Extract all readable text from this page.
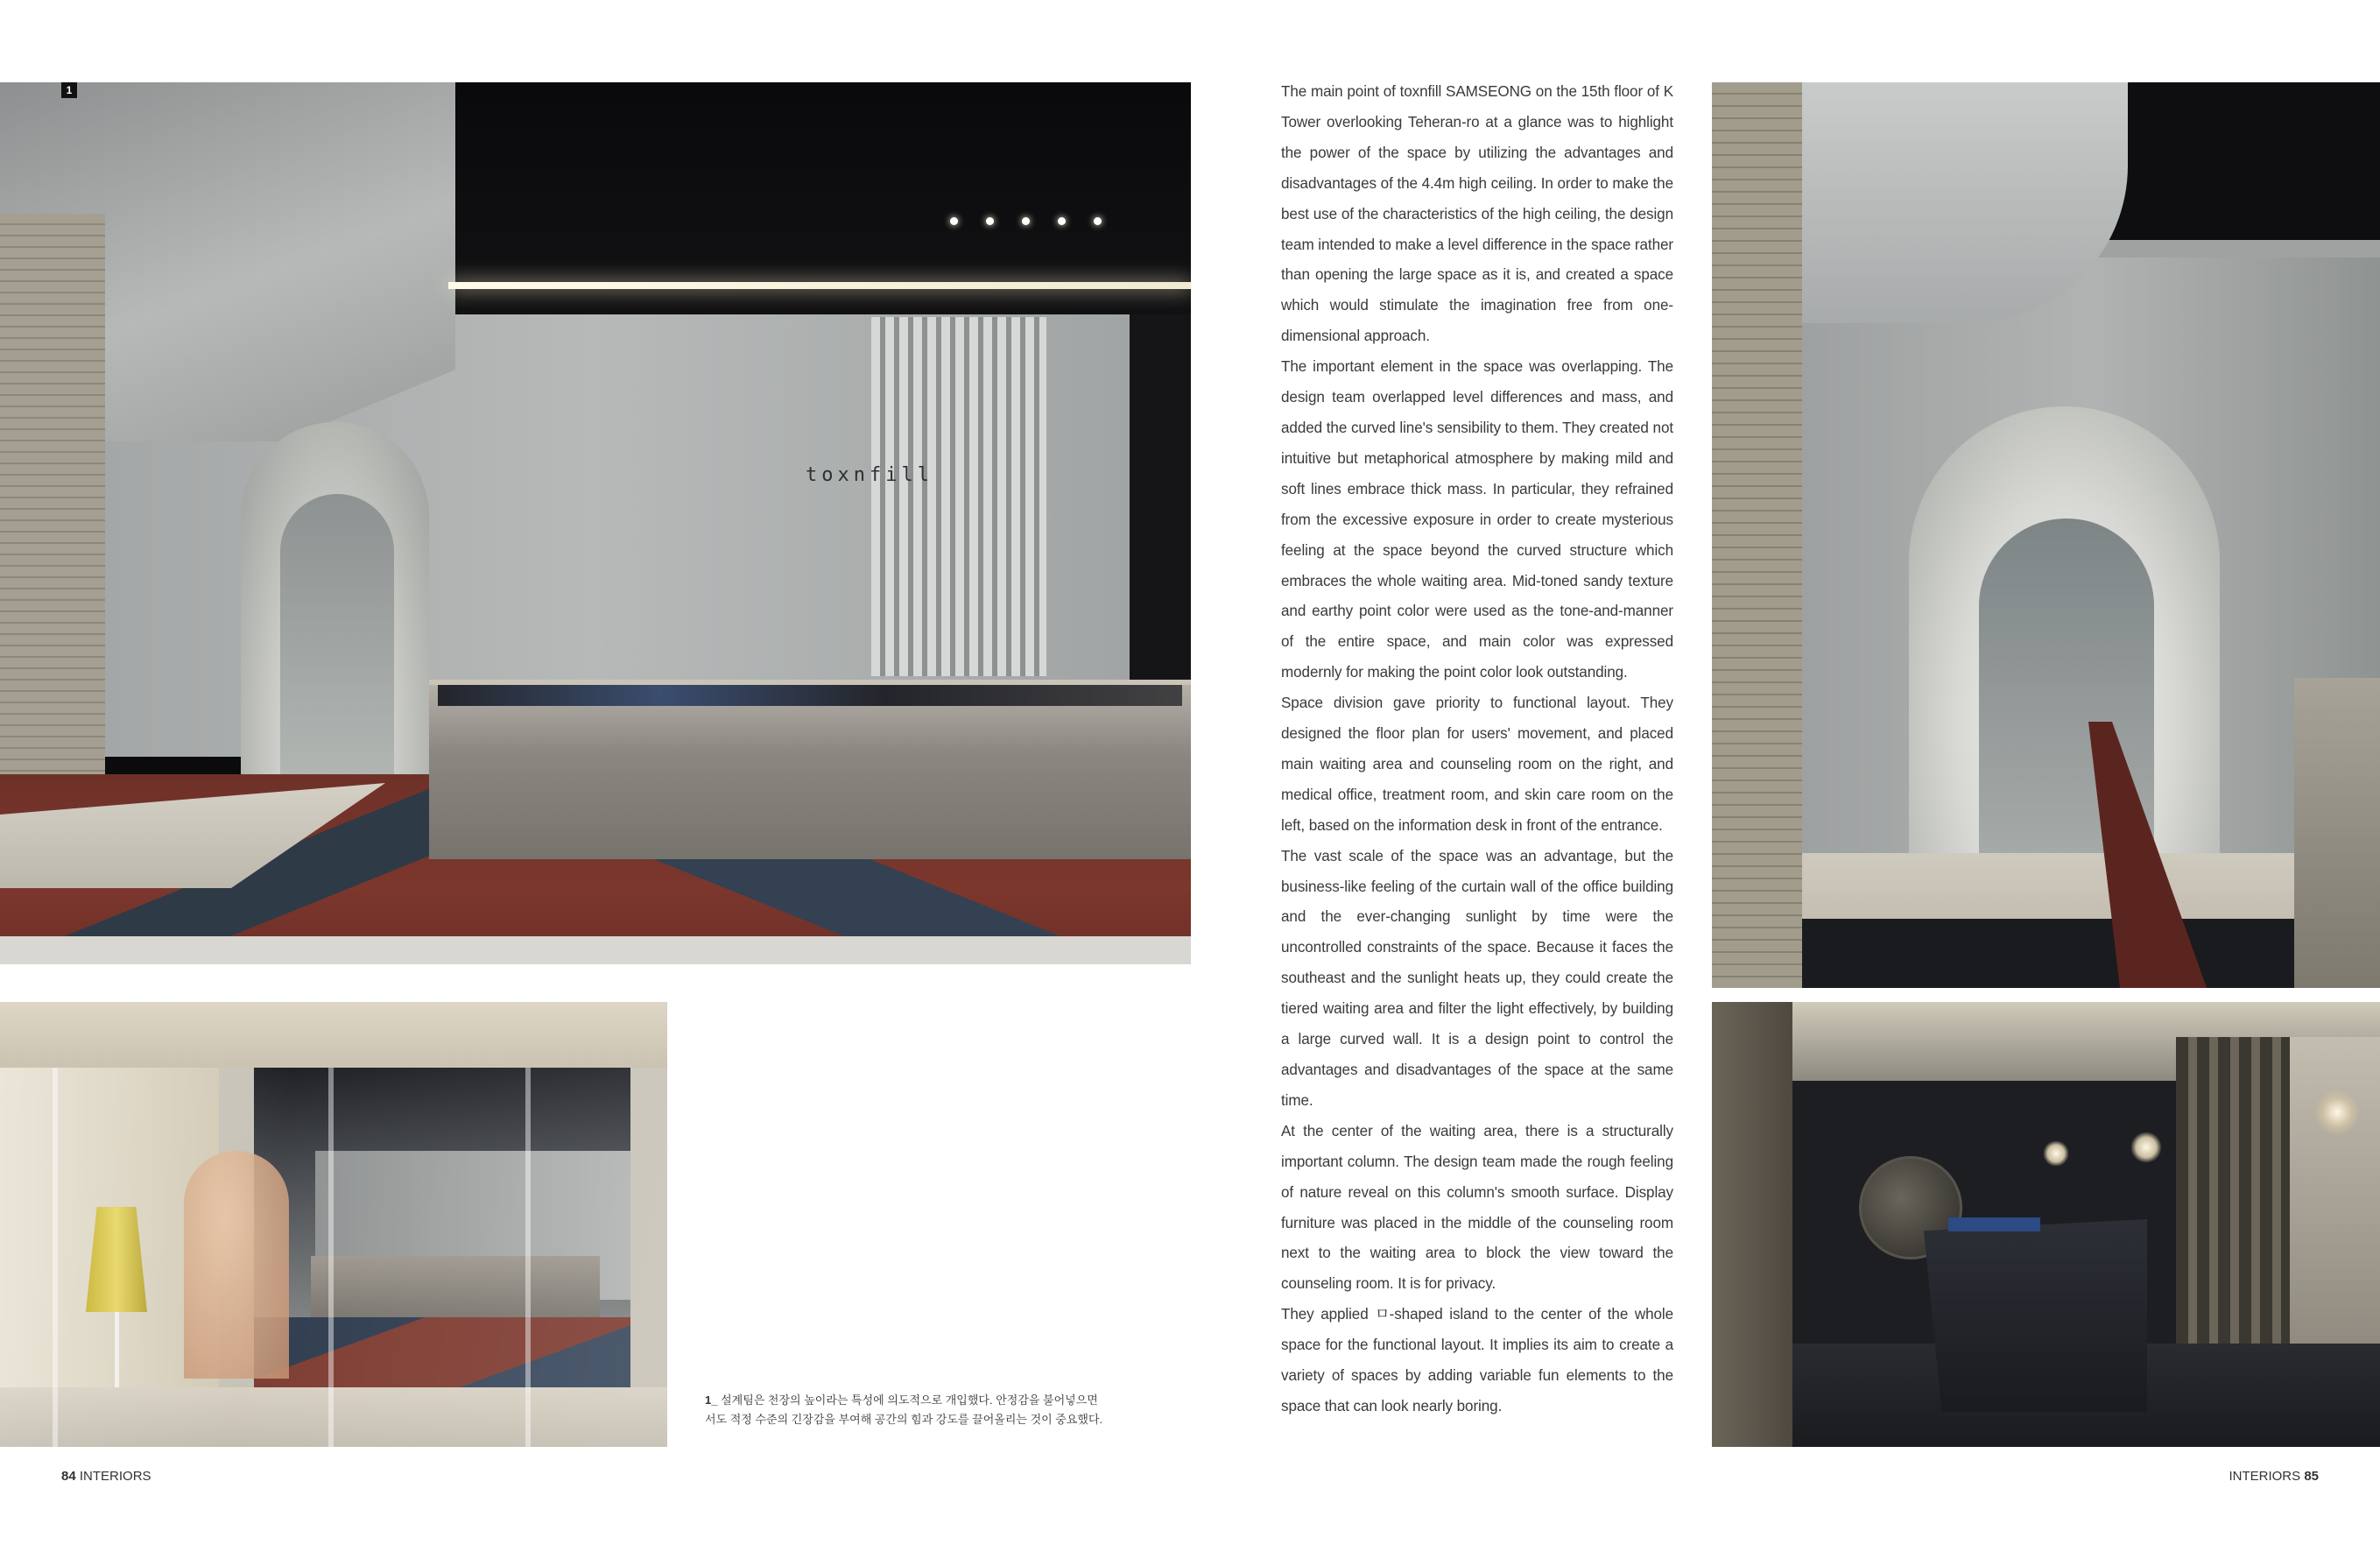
toxnfill
1
1_ 설계팀은 천장의 높이라는 특성에 의도적으로 개입했다. 안정감을 불어넣으면서도 적정 수준의 긴장감을 부여해 공간의 힘과 강도를 끌어올리는 것이 중요했다.

The main point of toxnfill SAMSEONG on the 15th floor of K Tower overlooking Teheran-ro at a glance was to highlight the power of the space by utilizing the advantages and disadvantages of the 4.4m high ceiling. In order to make the best use of the characteristics of the high ceiling, the design team intended to make a level difference in the space rather than opening the large space as it is, and created a space which would stimulate the imagination free from one-dimensional approach.

The important element in the space was overlapping. The design team overlapped level differences and mass, and added the curved line's sensibility to them. They created not intuitive but metaphorical atmosphere by making mild and soft lines embrace thick mass. In particular, they refrained from the excessive exposure in order to create mysterious feeling at the space beyond the curved structure which embraces the whole waiting area. Mid-toned sandy texture and earthy point color were used as the tone-and-manner of the entire space, and main color was expressed modernly for making the point color look outstanding.

Space division gave priority to functional layout. They designed the floor plan for users' movement, and placed main waiting area and counseling room on the right, and medical office, treatment room, and skin care room on the left, based on the information desk in front of the entrance.

The vast scale of the space was an advantage, but the business-like feeling of the curtain wall of the office building and the ever-changing sunlight by time were the uncontrolled constraints of the space. Because it faces the southeast and the sunlight heats up, they could create the tiered waiting area and filter the light effectively, by building a large curved wall. It is a design point to control the advantages and disadvantages of the space at the same time.

At the center of the waiting area, there is a structurally important column. The design team made the rough feeling of nature reveal on this column's smooth surface. Display furniture was placed in the middle of the counseling room next to the waiting area to block the view toward the counseling room. It is for privacy.

They applied ㅁ-shaped island to the center of the whole space for the functional layout. It implies its aim to create a variety of spaces by adding variable fun elements to the space that can look nearly boring.

84 INTERIORS	INTERIORS 85
